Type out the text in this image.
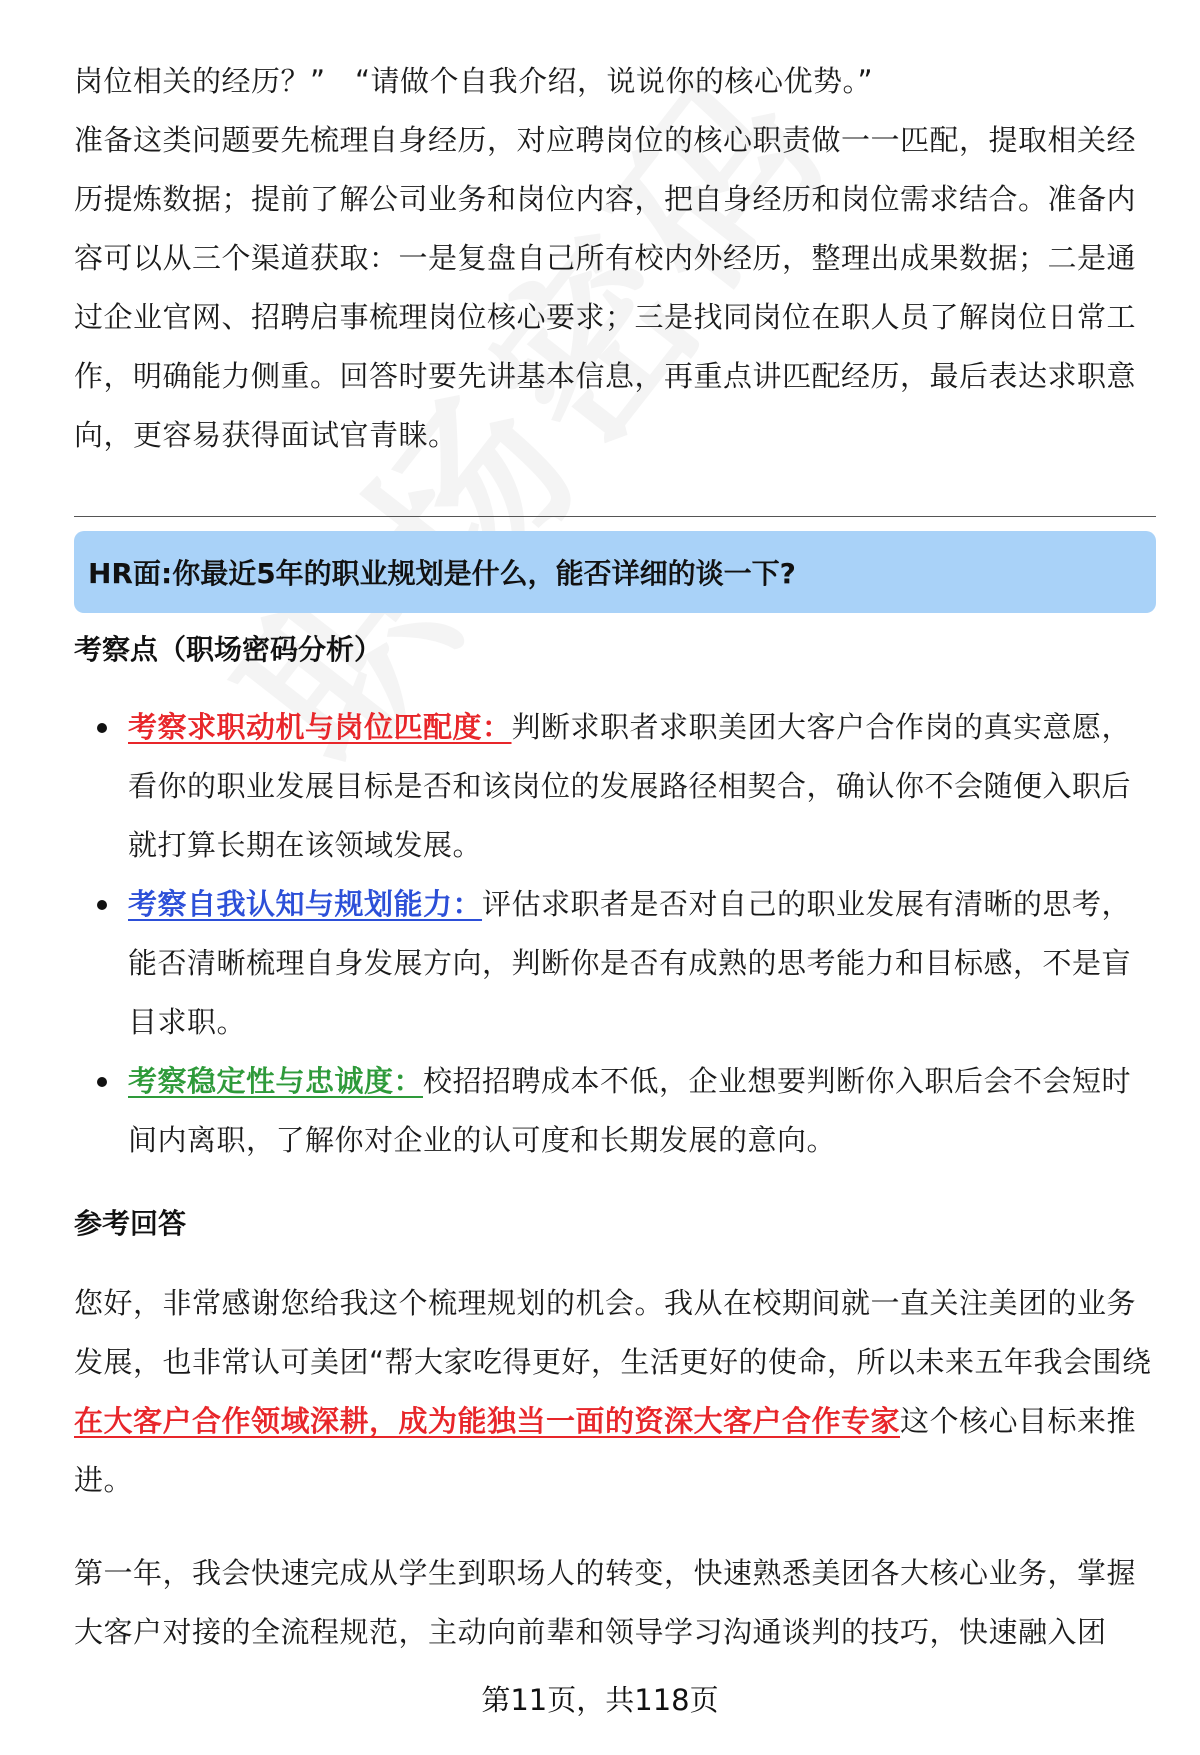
岗位相关的经历？”　“请做个自我介绍，说说你的核心优势。”

准备这类问题要先梳理自身经历，对应聘岗位的核心职责做一一匹配，提取相关经历提炼数据；提前了解公司业务和岗位内容，把自身经历和岗位需求结合。准备内容可以从三个渠道获取：一是复盘自己所有校内外经历，整理出成果数据；二是通过企业官网、招聘启事梳理岗位核心要求；三是找同岗位在职人员了解岗位日常工作，明确能力侧重。回答时要先讲基本信息，再重点讲匹配经历，最后表达求职意向，更容易获得面试官青睐。

HR面:你最近5年的职业规划是什么，能否详细的谈一下?
考察点（职场密码分析）
考察求职动机与岗位匹配度：判断求职者求职美团大客户合作岗的真实意愿，看你的职业发展目标是否和该岗位的发展路径相契合，确认你不会随便入职后就打算长期在该领域发展。
考察自我认知与规划能力：评估求职者是否对自己的职业发展有清晰的思考，能否清晰梳理自身发展方向，判断你是否有成熟的思考能力和目标感，不是盲目求职。
考察稳定性与忠诚度：校招招聘成本不低，企业想要判断你入职后会不会短时间内离职，了解你对企业的认可度和长期发展的意向。
参考回答

您好，非常感谢您给我这个梳理规划的机会。我从在校期间就一直关注美团的业务发展，也非常认可美团“帮大家吃得更好，生活更好的使命，所以未来五年我会围绕在大客户合作领域深耕，成为能独当一面的资深大客户合作专家这个核心目标来推进。

第一年，我会快速完成从学生到职场人的转变，快速熟悉美团各大核心业务，掌握大客户对接的全流程规范，主动向前辈和领导学习沟通谈判的技巧，快速融入团

第11页，共118页
